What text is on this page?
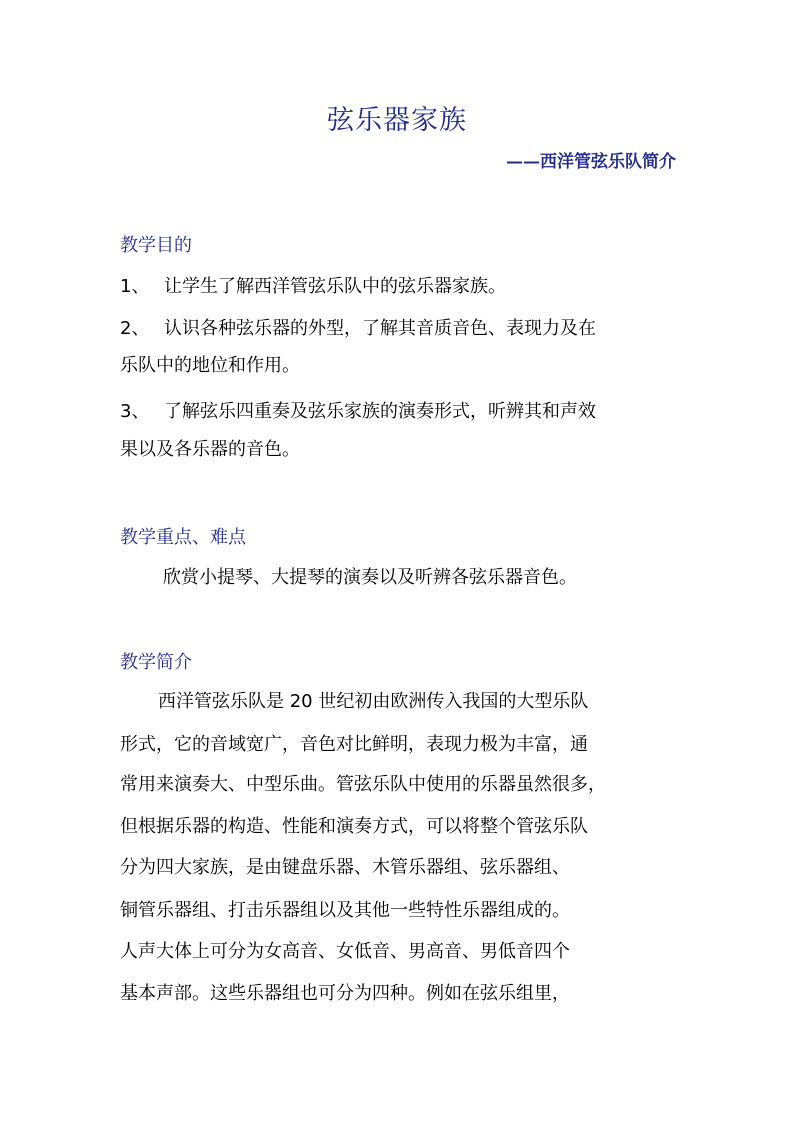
弦乐器家族
——西洋管弦乐队简介
教学目的
1、 让学生了解西洋管弦乐队中的弦乐器家族。
2、 认识各种弦乐器的外型，了解其音质音色、表现力及在
乐队中的地位和作用。
3、 了解弦乐四重奏及弦乐家族的演奏形式，听辨其和声效
果以及各乐器的音色。
教学重点、难点
欣赏小提琴、大提琴的演奏以及听辨各弦乐器音色。
教学简介
西洋管弦乐队是 20 世纪初由欧洲传入我国的大型乐队
形式，它的音域宽广，音色对比鲜明，表现力极为丰富，通
常用来演奏大、中型乐曲。管弦乐队中使用的乐器虽然很多，
但根据乐器的构造、性能和演奏方式，可以将整个管弦乐队
分为四大家族，是由键盘乐器、木管乐器组、弦乐器组、
铜管乐器组、打击乐器组以及其他一些特性乐器组成的。
人声大体上可分为女高音、女低音、男高音、男低音四个
基本声部。这些乐器组也可分为四种。例如在弦乐组里，
